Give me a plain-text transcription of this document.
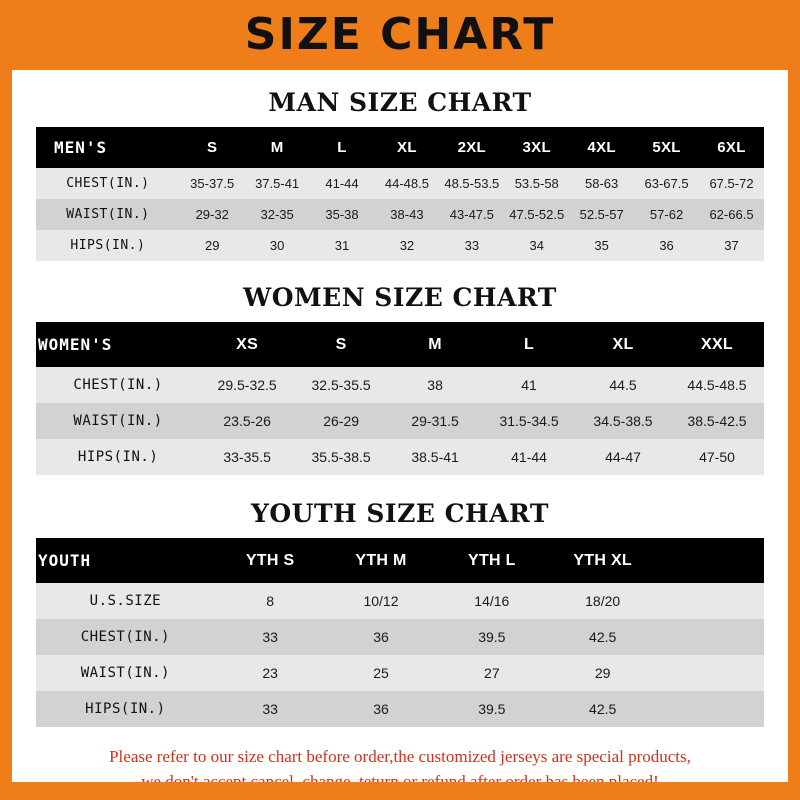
SIZE CHART
MAN SIZE CHART
MEN'S	S	M	L	XL	2XL	3XL	4XL	5XL	6XL
CHEST(IN.)	35-37.5	37.5-41	41-44	44-48.5	48.5-53.5	53.5-58	58-63	63-67.5	67.5-72
WAIST(IN.)	29-32	32-35	35-38	38-43	43-47.5	47.5-52.5	52.5-57	57-62	62-66.5
HIPS(IN.)	29	30	31	32	33	34	35	36	37
WOMEN SIZE CHART
WOMEN'S	XS	S	M	L	XL	XXL
CHEST(IN.)	29.5-32.5	32.5-35.5	38	41	44.5	44.5-48.5
WAIST(IN.)	23.5-26	26-29	29-31.5	31.5-34.5	34.5-38.5	38.5-42.5
HIPS(IN.)	33-35.5	35.5-38.5	38.5-41	41-44	44-47	47-50
YOUTH SIZE CHART
YOUTH	YTH S	YTH M	YTH L	YTH XL	
U.S.SIZE	8	10/12	14/16	18/20	
CHEST(IN.)	33	36	39.5	42.5	
WAIST(IN.)	23	25	27	29	
HIPS(IN.)	33	36	39.5	42.5	
Please refer to our size chart before order,the customized jerseys are special products,
